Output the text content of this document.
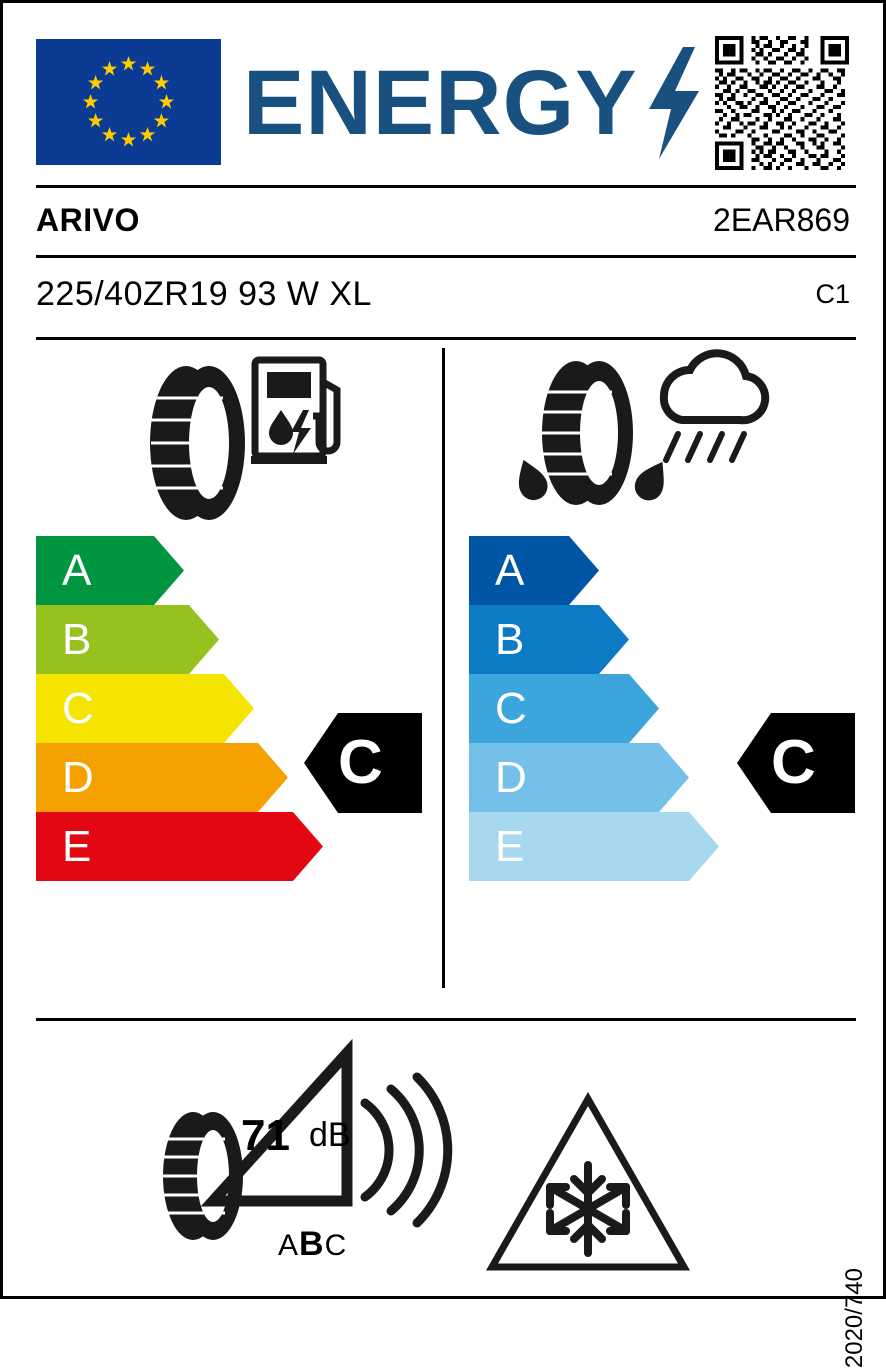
ENERGY
ARIVO	2EAR869
225/40ZR19 93 W XL	C1
A
B
C
D
E
C
A
B
C
D
E
C
71 dB
ABC
2020/740
